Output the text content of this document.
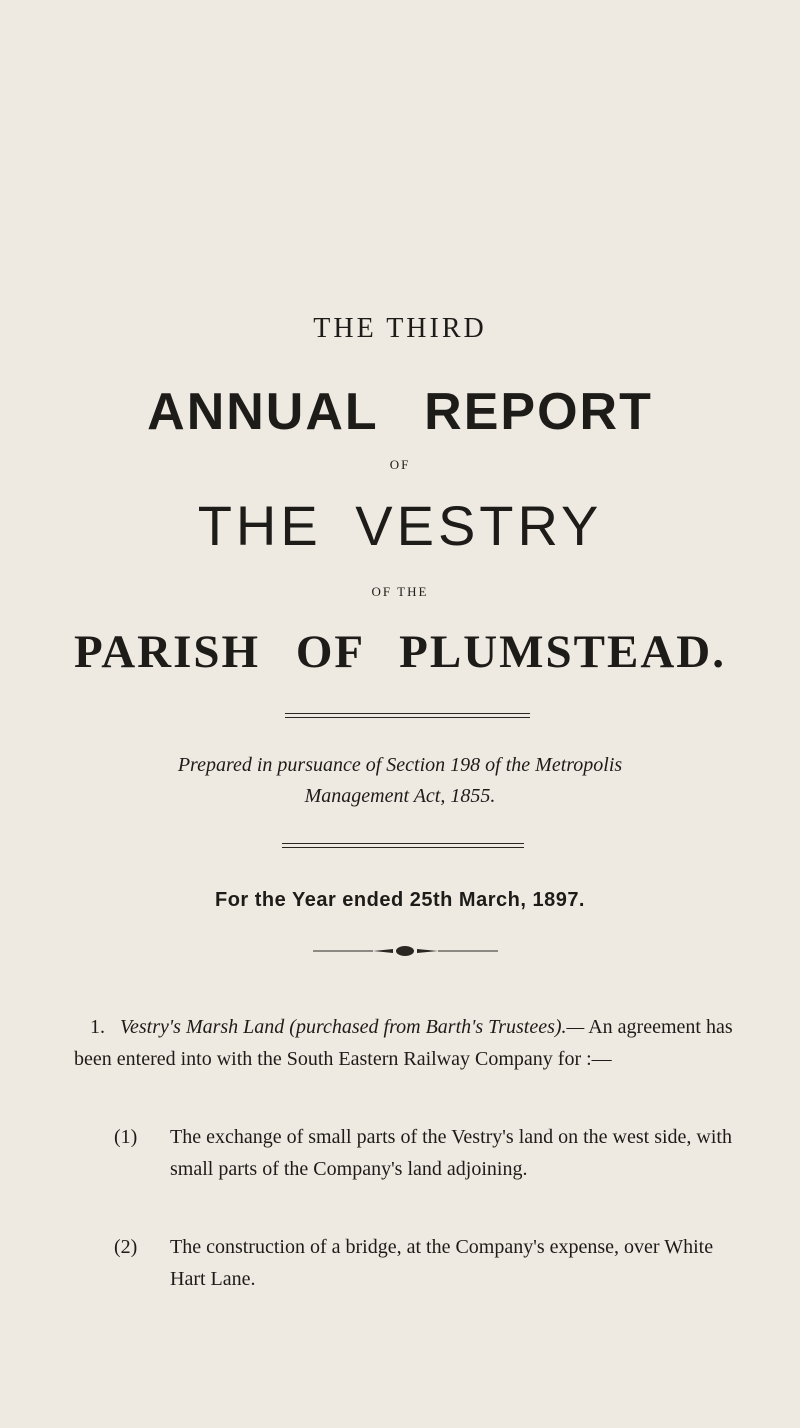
THE THIRD
ANNUAL REPORT
OF
THE VESTRY
OF THE
PARISH OF PLUMSTEAD.
Prepared in pursuance of Section 198 of the Metropolis
Management Act, 1855.
For the Year ended 25th March, 1897.
1. Vestry's Marsh Land (purchased from Barth's Trustees).— An agreement has been entered into with the South Eastern Railway Company for :—
(1)	The exchange of small parts of the Vestry's land on the west side, with small parts of the Company's land adjoining.
(2)	The construction of a bridge, at the Company's expense, over White Hart Lane.
